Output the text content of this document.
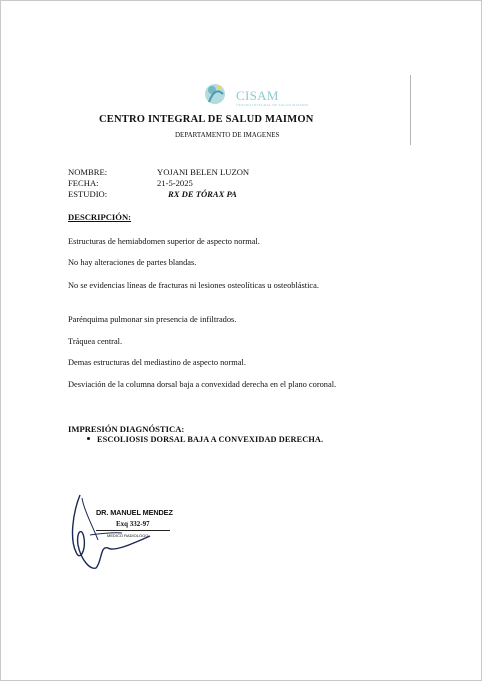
CISAM
CENTRO INTEGRAL DE SALUD MAIMON
CENTRO INTEGRAL DE SALUD MAIMON
DEPARTAMENTO DE IMAGENES
NOMBRE:	YOJANI BELEN LUZON
FECHA:	21-5-2025
ESTUDIO:	RX DE TÓRAX PA
DESCRIPCIÓN:
Estructuras de hemiabdomen superior de aspecto normal.
No hay alteraciones de partes blandas.
No se evidencias líneas de fracturas ni lesiones osteolíticas u osteoblástica.
Parénquima pulmonar sin presencia de infiltrados.
Tráquea central.
Demas estructuras del mediastino de aspecto normal.
Desviación de la columna dorsal baja a convexidad derecha en el plano coronal.
IMPRESIÓN DIAGNÓSTICA:
ESCOLIOSIS DORSAL BAJA A CONVEXIDAD DERECHA.
DR. MANUEL MENDEZ
Exq 332-97
MEDICO RADIOLOGO
